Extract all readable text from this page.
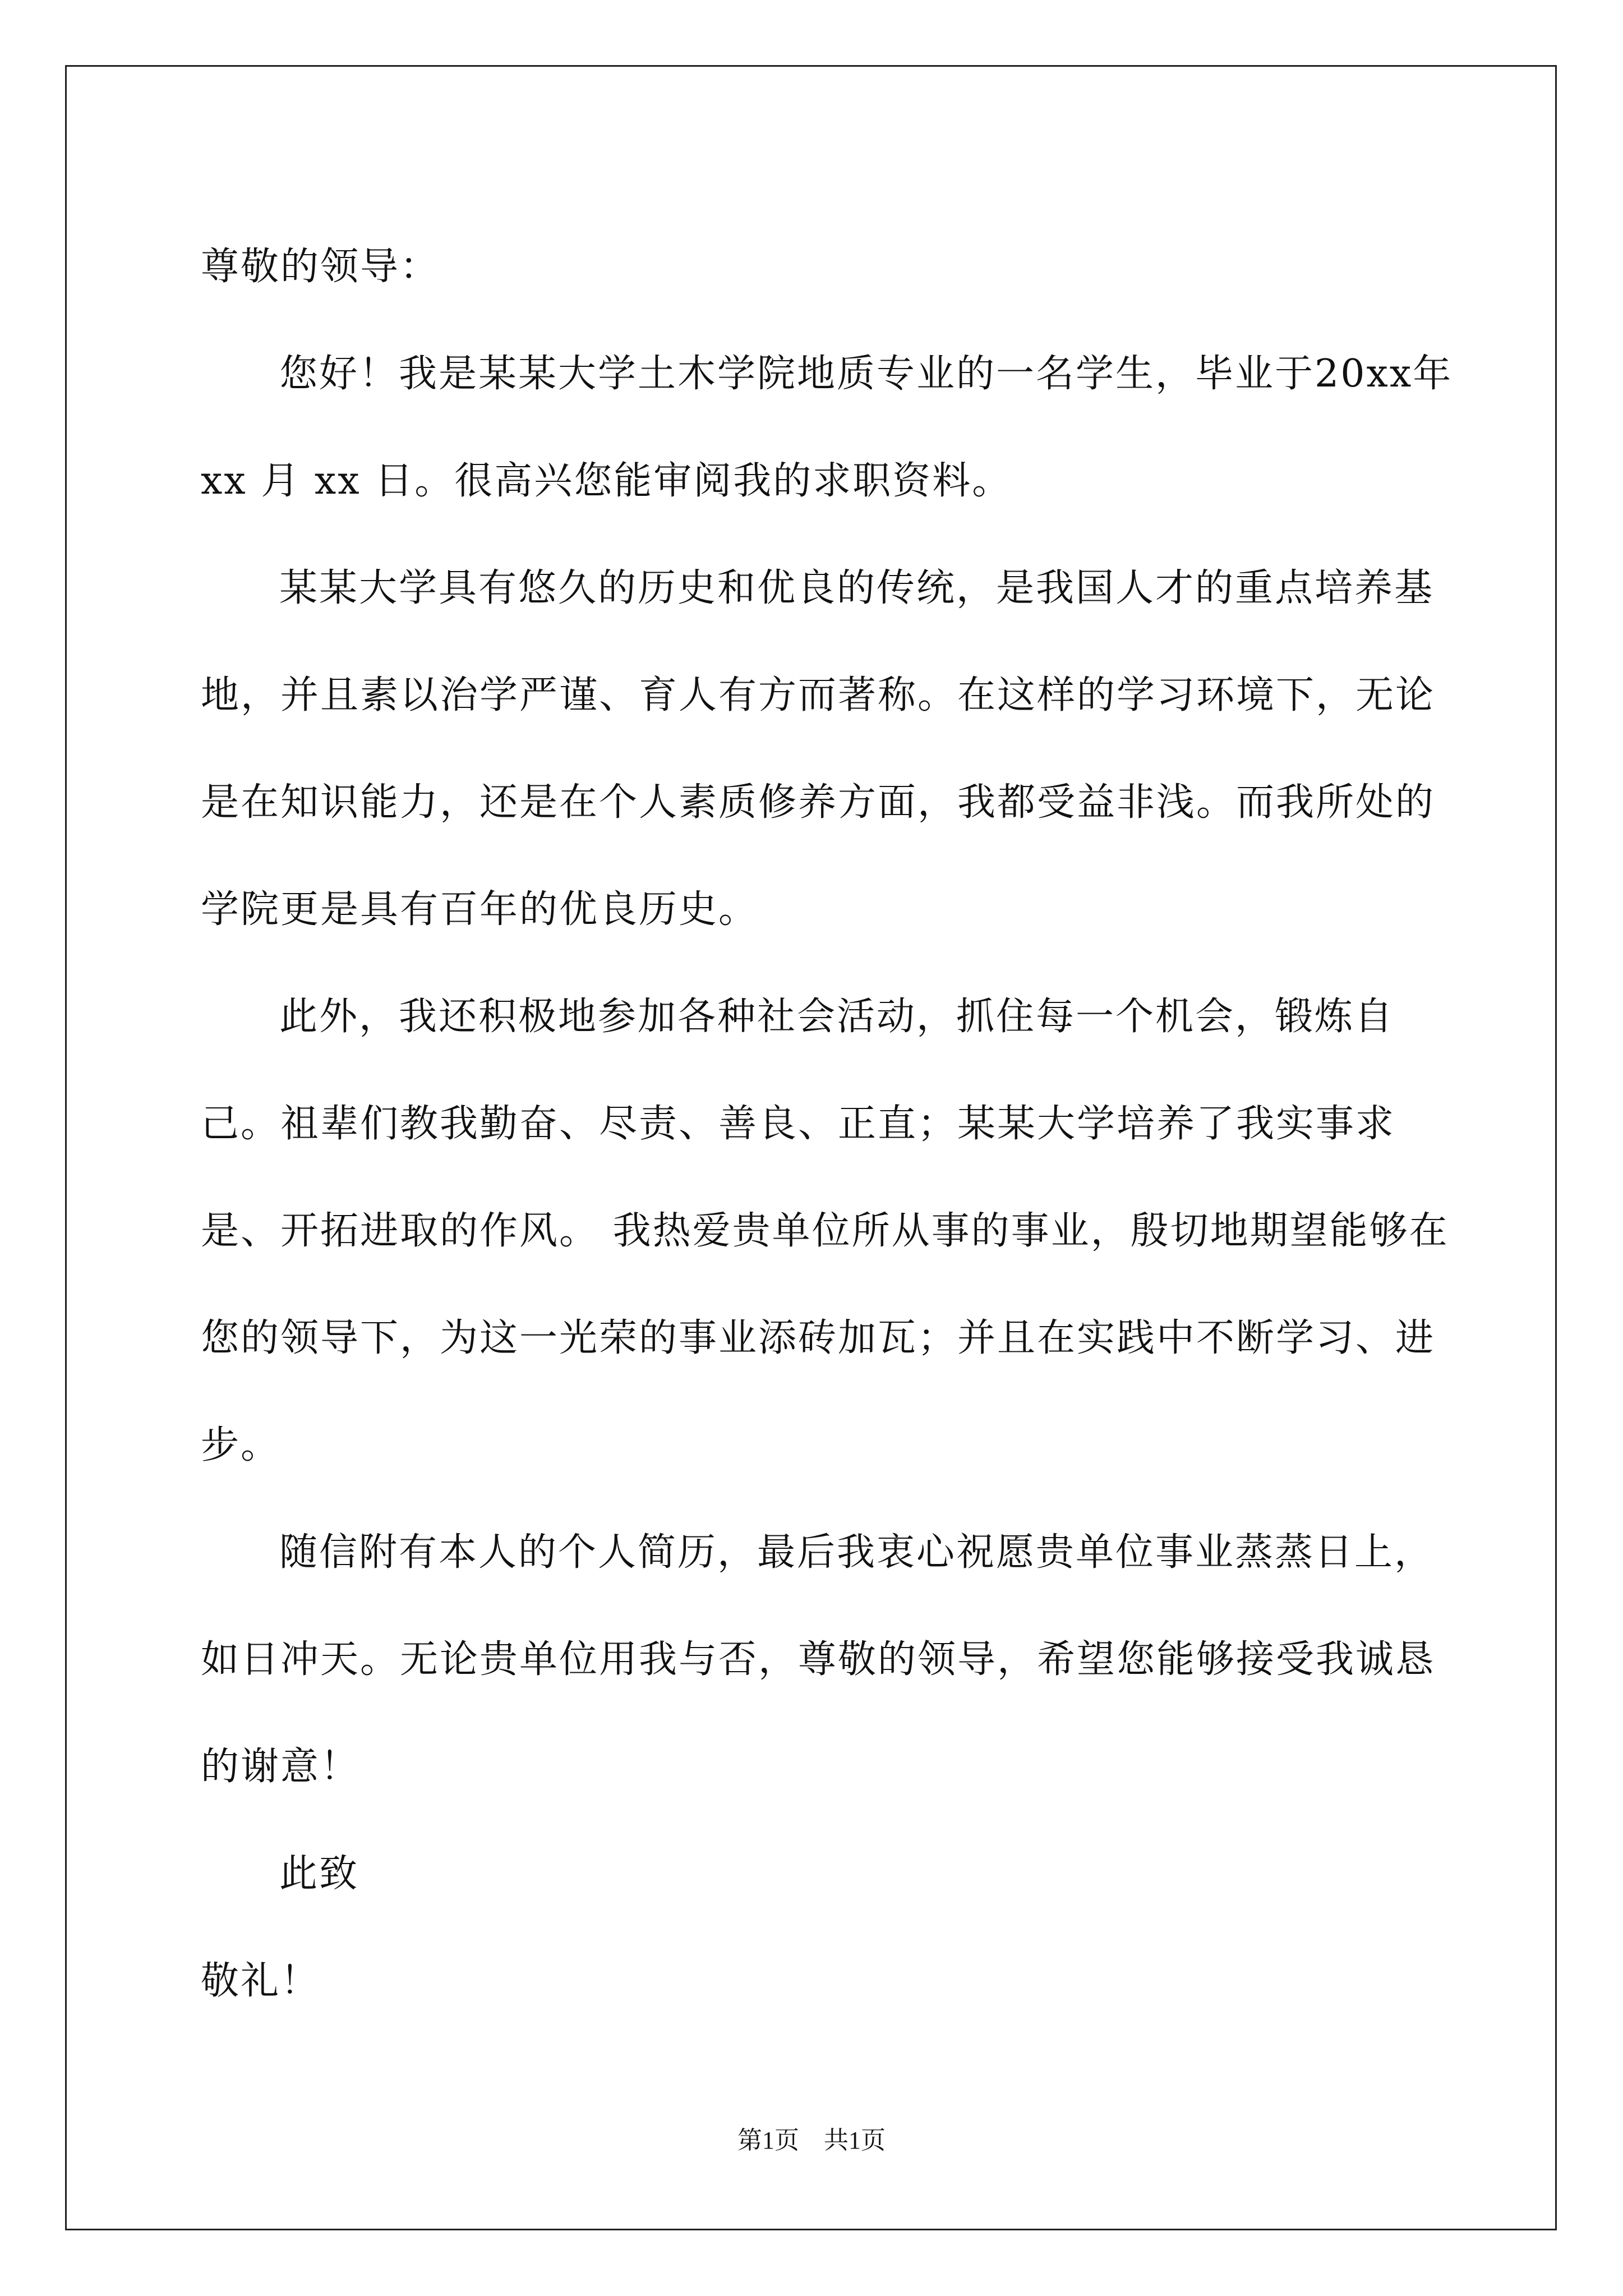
尊敬的领导：

您好！我是某某大学土木学院地质专业的一名学生，毕业于20xx年 xx 月 xx 日。很高兴您能审阅我的求职资料。

某某大学具有悠久的历史和优良的传统，是我国人才的重点培养基地，并且素以治学严谨、育人有方而著称。在这样的学习环境下，无论是在知识能力，还是在个人素质修养方面，我都受益非浅。而我所处的学院更是具有百年的优良历史。

此外，我还积极地参加各种社会活动，抓住每一个机会，锻炼自己。祖辈们教我勤奋、尽责、善良、正直；某某大学培养了我实事求是、开拓进取的作风。 我热爱贵单位所从事的事业，殷切地期望能够在您的领导下，为这一光荣的事业添砖加瓦；并且在实践中不断学习、进步。

随信附有本人的个人简历，最后我衷心祝愿贵单位事业蒸蒸日上，如日冲天。无论贵单位用我与否，尊敬的领导，希望您能够接受我诚恳的谢意！

此致

敬礼！

第1页　共1页
